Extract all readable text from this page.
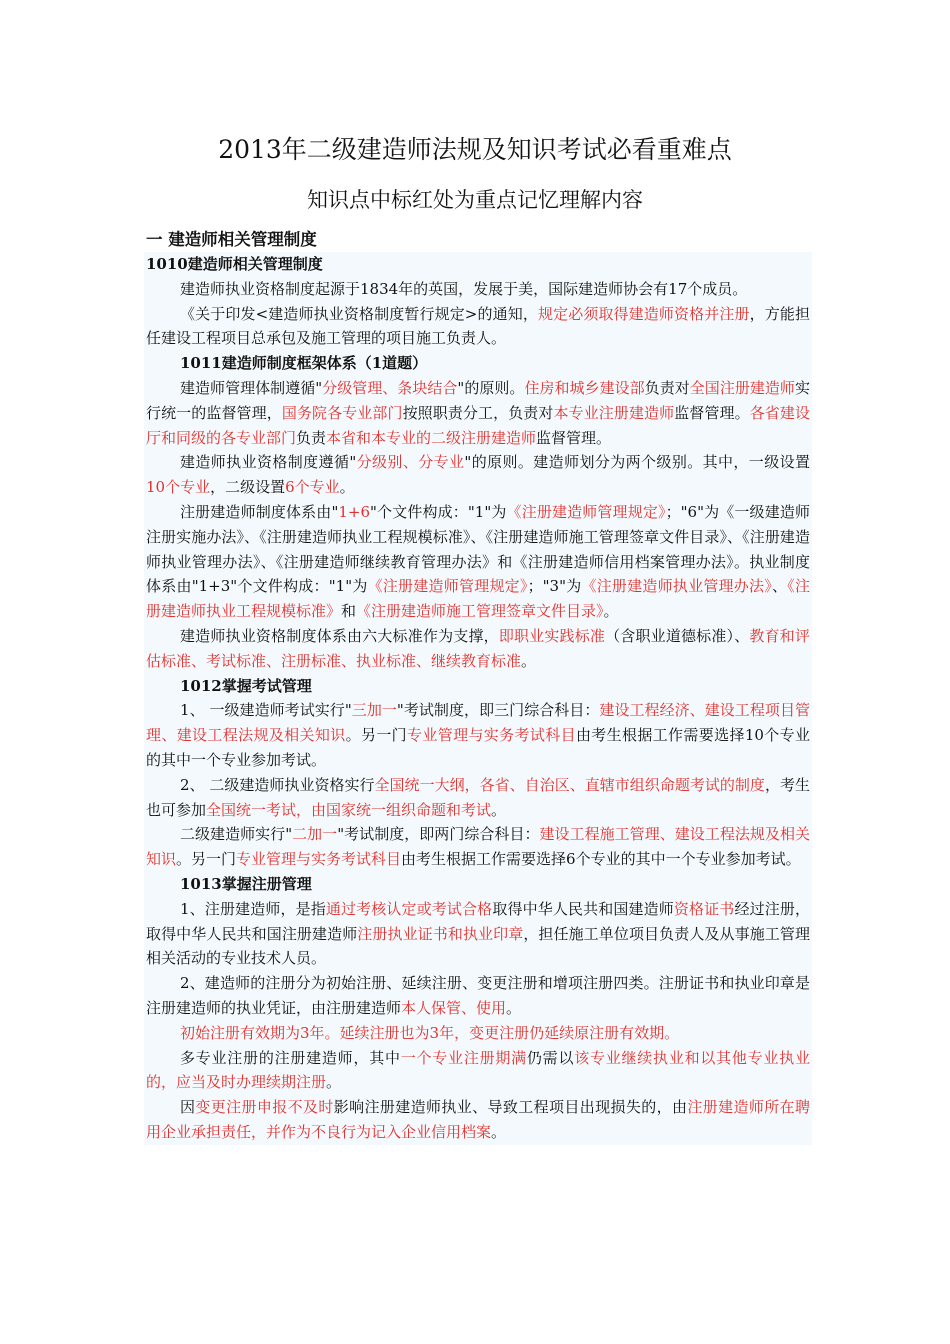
2013年二级建造师法规及知识考试必看重难点
知识点中标红处为重点记忆理解内容
一 建造师相关管理制度
1010建造师相关管理制度

建造师执业资格制度起源于1834年的英国，发展于美，国际建造师协会有17个成员。

《关于印发<建造师执业资格制度暂行规定>的通知，规定必须取得建造师资格并注册，方能担任建设工程项目总承包及施工管理的项目施工负责人。

1011建造师制度框架体系（1道题）

建造师管理体制遵循"分级管理、条块结合"的原则。住房和城乡建设部负责对全国注册建造师实行统一的监督管理，国务院各专业部门按照职责分工，负责对本专业注册建造师监督管理。各省建设厅和同级的各专业部门负责本省和本专业的二级注册建造师监督管理。

建造师执业资格制度遵循"分级别、分专业"的原则。建造师划分为两个级别。其中，一级设置10个专业，二级设置6个专业。

注册建造师制度体系由"1+6"个文件构成："1"为《注册建造师管理规定》；"6"为《一级建造师注册实施办法》、《注册建造师执业工程规模标准》、《注册建造师施工管理签章文件目录》、《注册建造师执业管理办法》、《注册建造师继续教育管理办法》和《注册建造师信用档案管理办法》。执业制度体系由"1+3"个文件构成："1"为《注册建造师管理规定》；"3"为《注册建造师执业管理办法》、《注册建造师执业工程规模标准》和《注册建造师施工管理签章文件目录》。

建造师执业资格制度体系由六大标准作为支撑，即职业实践标准（含职业道德标准）、教育和评估标准、考试标准、注册标准、执业标准、继续教育标准。

1012掌握考试管理

1、 一级建造师考试实行"三加一"考试制度，即三门综合科目：建设工程经济、建设工程项目管理、建设工程法规及相关知识。另一门专业管理与实务考试科目由考生根据工作需要选择10个专业的其中一个专业参加考试。

2、 二级建造师执业资格实行全国统一大纲，各省、自治区、直辖市组织命题考试的制度，考生也可参加全国统一考试，由国家统一组织命题和考试。

二级建造师实行"二加一"考试制度，即两门综合科目：建设工程施工管理、建设工程法规及相关知识。另一门专业管理与实务考试科目由考生根据工作需要选择6个专业的其中一个专业参加考试。

1013掌握注册管理

1、注册建造师，是指通过考核认定或考试合格取得中华人民共和国建造师资格证书经过注册，取得中华人民共和国注册建造师注册执业证书和执业印章，担任施工单位项目负责人及从事施工管理相关活动的专业技术人员。

2、建造师的注册分为初始注册、延续注册、变更注册和增项注册四类。注册证书和执业印章是注册建造师的执业凭证，由注册建造师本人保管、使用。

初始注册有效期为3年。延续注册也为3年，变更注册仍延续原注册有效期。

多专业注册的注册建造师，其中一个专业注册期满仍需以该专业继续执业和以其他专业执业的，应当及时办理续期注册。

因变更注册申报不及时影响注册建造师执业、导致工程项目出现损失的，由注册建造师所在聘用企业承担责任，并作为不良行为记入企业信用档案。
